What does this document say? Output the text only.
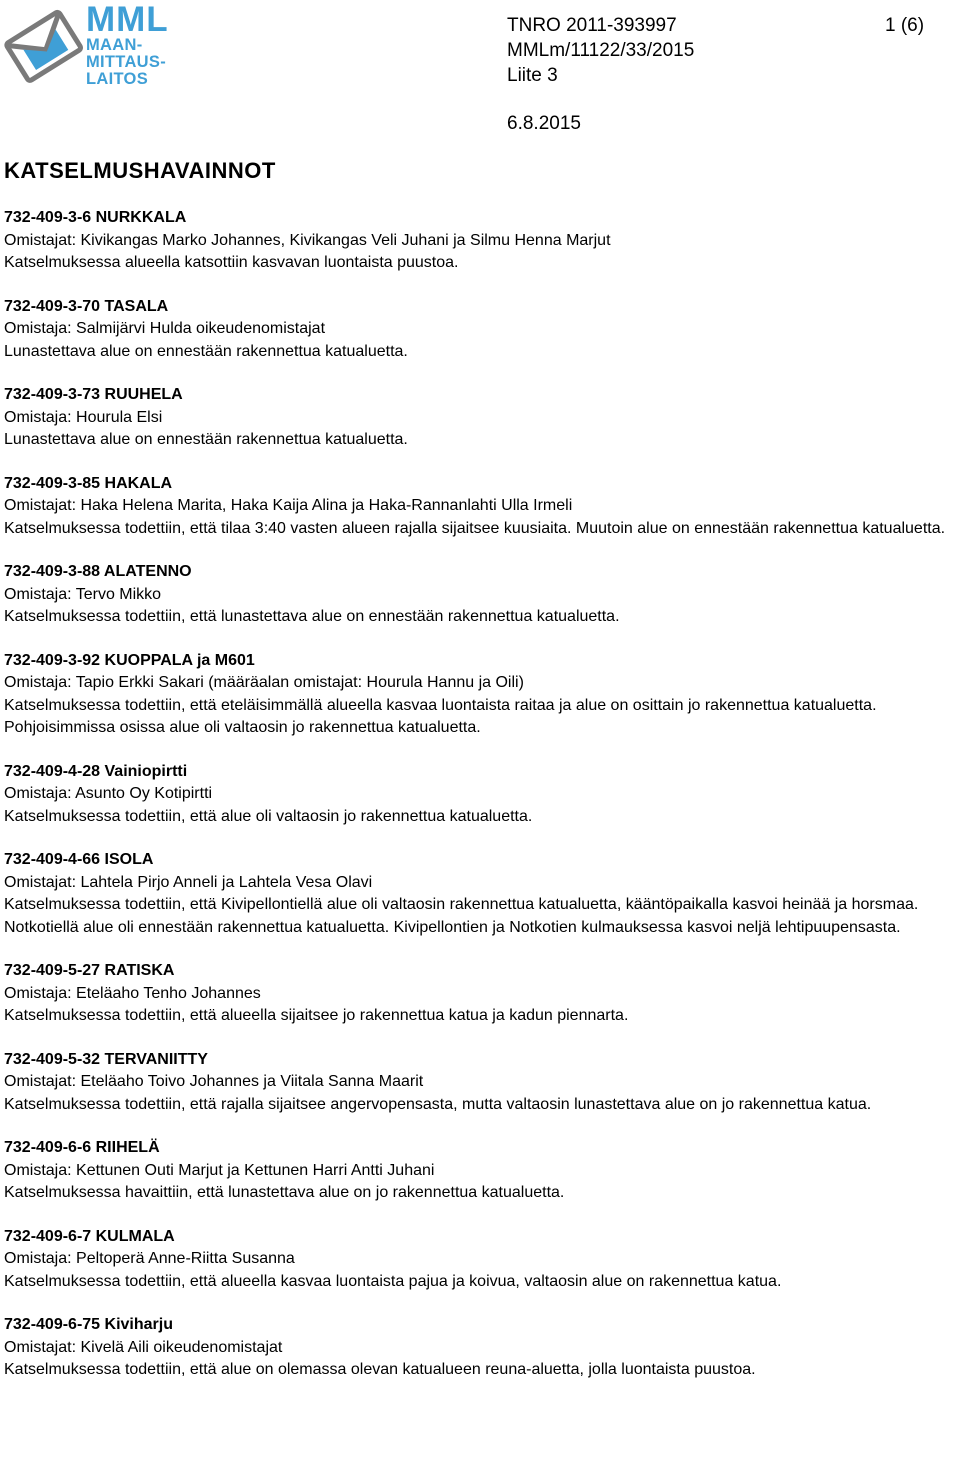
MML
MAAN-
MITTAUS-
LAITOS
TNRO 2011-393997	1 (6)
MMLm/11122/33/2015
Liite 3
6.8.2015
KATSELMUSHAVAINNOT
732-409-3-6 NURKKALA
Omistajat: Kivikangas Marko Johannes, Kivikangas Veli Juhani ja Silmu Henna Marjut
Katselmuksessa alueella katsottiin kasvavan luontaista puustoa.
732-409-3-70 TASALA
Omistaja: Salmijärvi Hulda oikeudenomistajat
Lunastettava alue on ennestään rakennettua katualuetta.
732-409-3-73 RUUHELA
Omistaja: Hourula Elsi
Lunastettava alue on ennestään rakennettua katualuetta.
732-409-3-85 HAKALA
Omistajat: Haka Helena Marita, Haka Kaija Alina ja Haka-Rannanlahti Ulla Irmeli
Katselmuksessa todettiin, että tilaa 3:40 vasten alueen rajalla sijaitsee kuusiaita. Muutoin alue on ennestään rakennettua katualuetta.
732-409-3-88 ALATENNO
Omistaja: Tervo Mikko
Katselmuksessa todettiin, että lunastettava alue on ennestään rakennettua katualuetta.
732-409-3-92 KUOPPALA ja M601
Omistaja: Tapio Erkki Sakari (määräalan omistajat: Hourula Hannu ja Oili)
Katselmuksessa todettiin, että eteläisimmällä alueella kasvaa luontaista raitaa ja alue on osittain jo rakennettua katualuetta. Pohjoisimmissa osissa alue oli valtaosin jo rakennettua katualuetta.
732-409-4-28 Vainiopirtti
Omistaja: Asunto Oy Kotipirtti
Katselmuksessa todettiin, että alue oli valtaosin jo rakennettua katualuetta.
732-409-4-66 ISOLA
Omistajat: Lahtela Pirjo Anneli ja Lahtela Vesa Olavi
Katselmuksessa todettiin, että Kivipellontiellä alue oli valtaosin rakennettua katualuetta, kääntöpaikalla kasvoi heinää ja horsmaa. Notkotiellä alue oli ennestään rakennettua katualuetta. Kivipellontien ja Notkotien kulmauksessa kasvoi neljä lehtipuupensasta.
732-409-5-27 RATISKA
Omistaja: Eteläaho Tenho Johannes
Katselmuksessa todettiin, että alueella sijaitsee jo rakennettua katua ja kadun piennarta.
732-409-5-32 TERVANIITTY
Omistajat: Eteläaho Toivo Johannes ja Viitala Sanna Maarit
Katselmuksessa todettiin, että rajalla sijaitsee angervopensasta, mutta valtaosin lunastettava alue on jo rakennettua katua.
732-409-6-6 RIIHELÄ
Omistaja: Kettunen Outi Marjut ja Kettunen Harri Antti Juhani
Katselmuksessa havaittiin, että lunastettava alue on jo rakennettua katualuetta.
732-409-6-7 KULMALA
Omistaja: Peltoperä Anne-Riitta Susanna
Katselmuksessa todettiin, että alueella kasvaa luontaista pajua ja koivua, valtaosin alue on rakennettua katua.
732-409-6-75 Kiviharju
Omistajat: Kivelä Aili oikeudenomistajat
Katselmuksessa todettiin, että alue on olemassa olevan katualueen reuna-aluetta, jolla luontaista puustoa.
